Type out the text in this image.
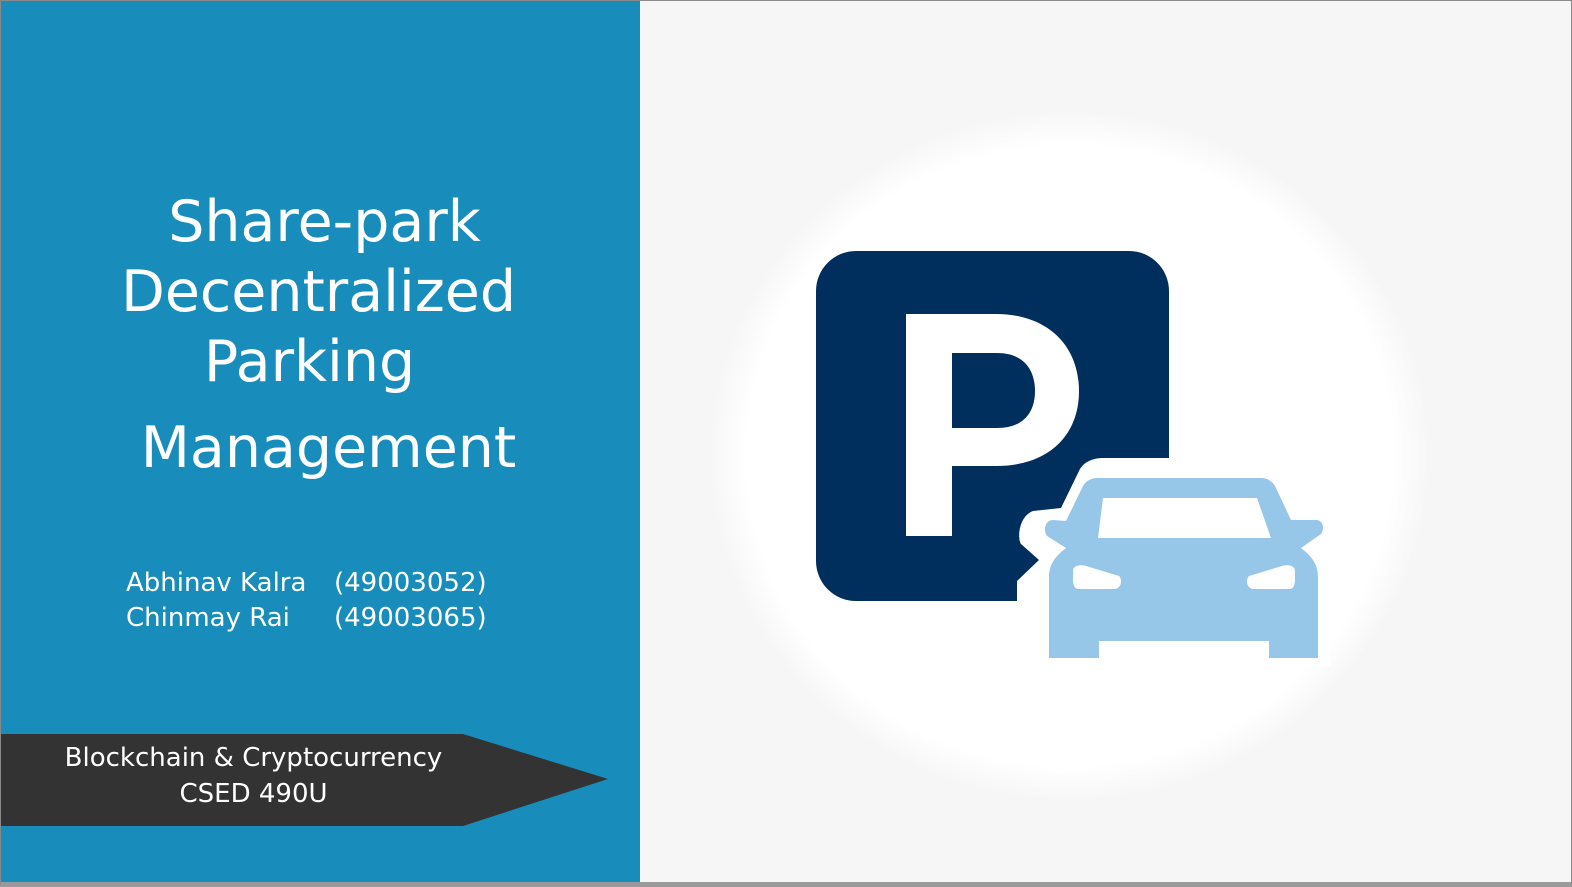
Share-park
Decentralized
Parking
Management
Abhinav Kalra (49003052)
Chinmay Rai (49003065)
Blockchain & Cryptocurrency
CSED 490U
